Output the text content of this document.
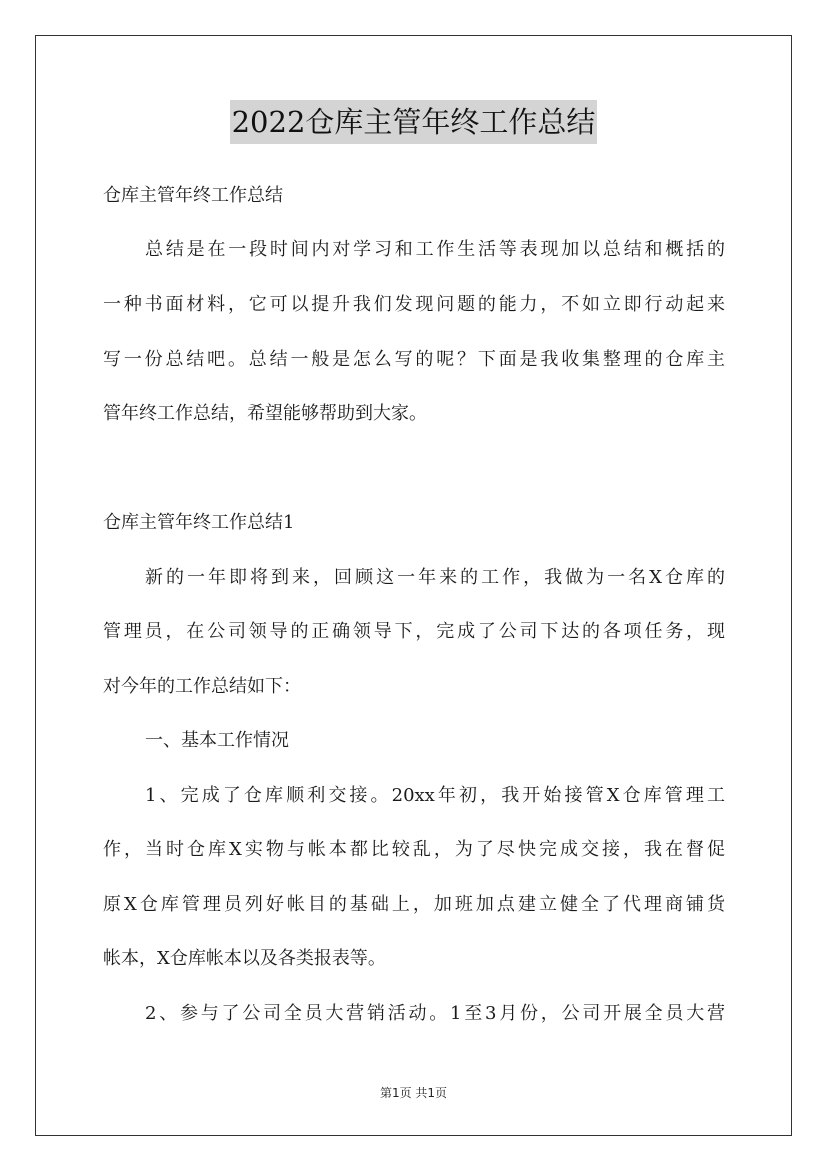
2022仓库主管年终工作总结
仓库主管年终工作总结
总结是在一段时间内对学习和工作生活等表现加以总结和概括的
一种书面材料，它可以提升我们发现问题的能力，不如立即行动起来
写一份总结吧。总结一般是怎么写的呢？下面是我收集整理的仓库主
管年终工作总结，希望能够帮助到大家。
仓库主管年终工作总结1
新的一年即将到来，回顾这一年来的工作，我做为一名X仓库的
管理员，在公司领导的正确领导下，完成了公司下达的各项任务，现
对今年的工作总结如下：
一、基本工作情况
1、完成了仓库顺利交接。20xx年初，我开始接管X仓库管理工
作，当时仓库X实物与帐本都比较乱，为了尽快完成交接，我在督促
原X仓库管理员列好帐目的基础上，加班加点建立健全了代理商铺货
帐本，X仓库帐本以及各类报表等。
2、参与了公司全员大营销活动。1至3月份，公司开展全员大营
第1页 共1页
